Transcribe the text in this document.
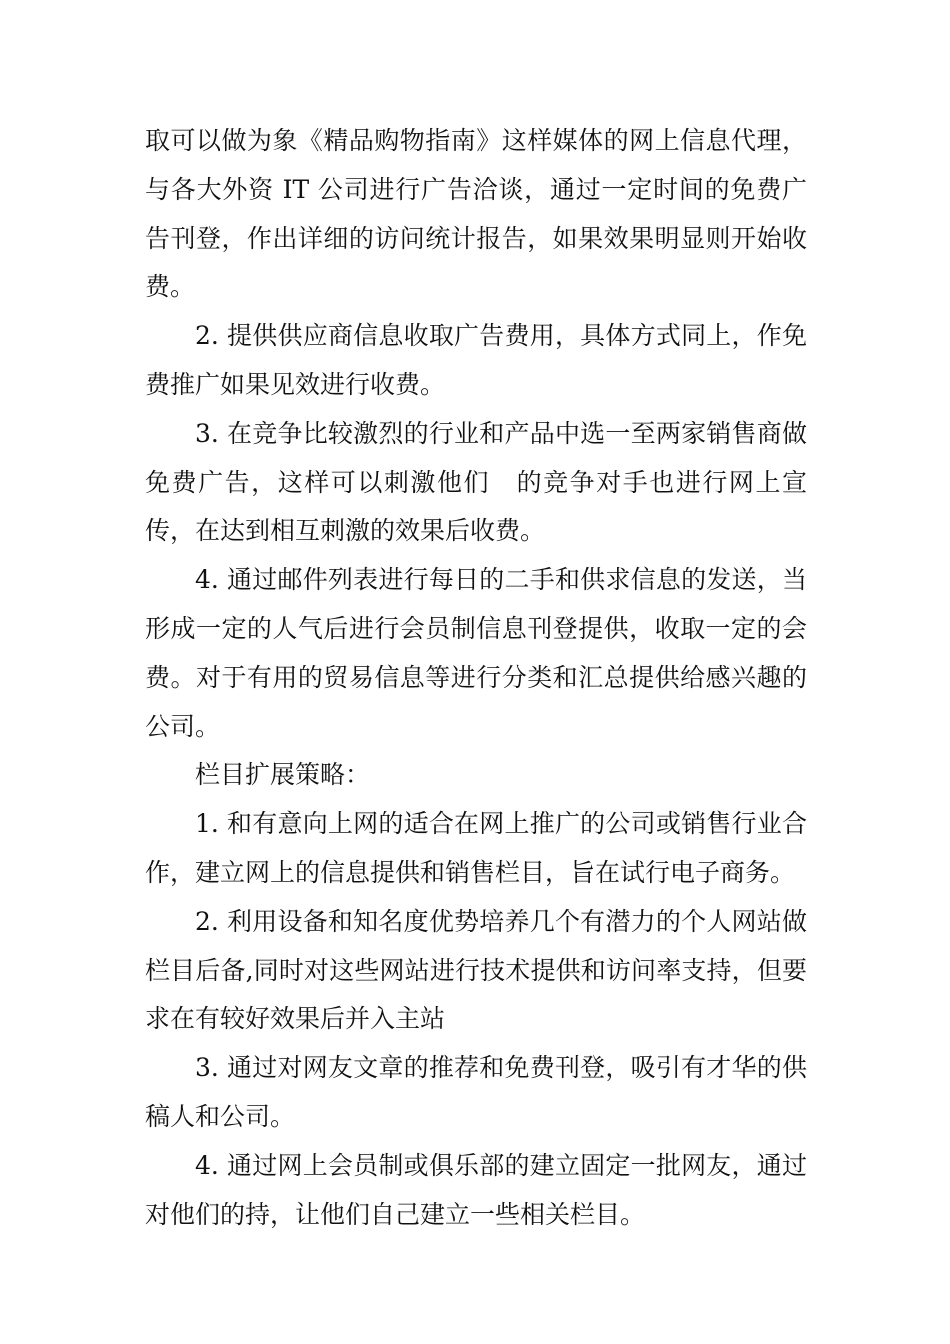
取可以做为象《精品购物指南》这样媒体的网上信息代理，与各大外资 IT 公司进行广告洽谈，通过一定时间的免费广告刊登，作出详细的访问统计报告，如果效果明显则开始收费。

2. 提供供应商信息收取广告费用，具体方式同上，作免费推广如果见效进行收费。

3. 在竞争比较激烈的行业和产品中选一至两家销售商做免费广告，这样可以刺激他们　的竞争对手也进行网上宣传，在达到相互刺激的效果后收费。

4. 通过邮件列表进行每日的二手和供求信息的发送，当形成一定的人气后进行会员制信息刊登提供，收取一定的会费。对于有用的贸易信息等进行分类和汇总提供给感兴趣的公司。

栏目扩展策略：

1. 和有意向上网的适合在网上推广的公司或销售行业合作，建立网上的信息提供和销售栏目，旨在试行电子商务。

2. 利用设备和知名度优势培养几个有潜力的个人网站做栏目后备,同时对这些网站进行技术提供和访问率支持，但要求在有较好效果后并入主站

3. 通过对网友文章的推荐和免费刊登，吸引有才华的供稿人和公司。

4. 通过网上会员制或俱乐部的建立固定一批网友，通过对他们的持，让他们自己建立一些相关栏目。
